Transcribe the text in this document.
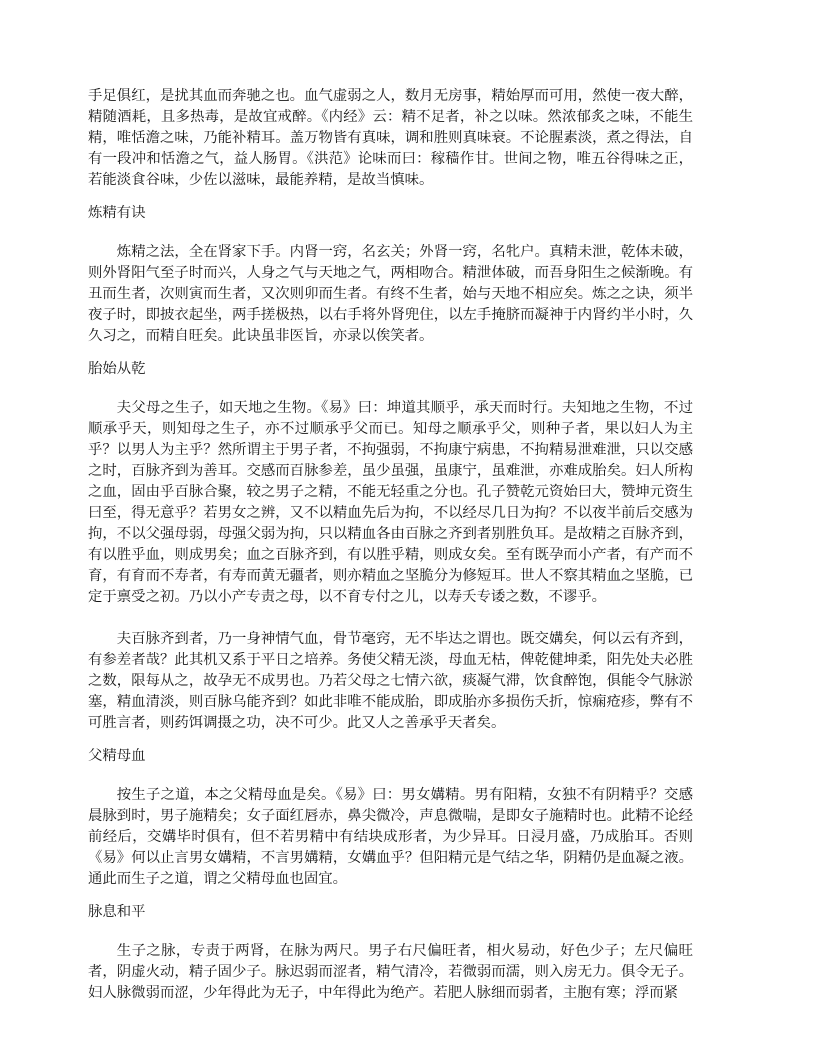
手足俱红，是扰其血而奔驰之也。血气虚弱之人，数月无房事，精始厚而可用，然使一夜大醉，精随酒耗，且多热毒，是故宜戒醉。《内经》云：精不足者，补之以味。然浓郁炙之味，不能生精，唯恬澹之味，乃能补精耳。盖万物皆有真味，调和胜则真味衰。不论腥素淡，煮之得法，自有一段冲和恬澹之气，益人肠胃。《洪范》论味而曰：稼穑作甘。世间之物，唯五谷得味之正，若能淡食谷味，少佐以滋味，最能养精，是故当慎味。

炼精有诀

炼精之法，全在肾家下手。内肾一窍，名玄关；外肾一窍，名牝户。真精未泄，乾体未破，则外肾阳气至子时而兴，人身之气与天地之气，两相吻合。精泄体破，而吾身阳生之候渐晚。有丑而生者，次则寅而生者，又次则卯而生者。有终不生者，始与天地不相应矣。炼之之诀，须半夜子时，即披衣起坐，两手搓极热，以右手将外肾兜住，以左手掩脐而凝神于内肾约半小时，久久习之，而精自旺矣。此诀虽非医旨，亦录以俟笑者。

胎始从乾

夫父母之生子，如天地之生物。《易》曰：坤道其顺乎，承天而时行。夫知地之生物，不过顺承乎天，则知母之生子，亦不过顺承乎父而已。知母之顺承乎父，则种子者，果以妇人为主乎？以男人为主乎？然所谓主于男子者，不拘强弱，不拘康宁病患，不拘精易泄难泄，只以交感之时，百脉齐到为善耳。交感而百脉参差，虽少虽强，虽康宁，虽难泄，亦难成胎矣。妇人所构之血，固由乎百脉合聚，较之男子之精，不能无轻重之分也。孔子赞乾元资始曰大，赞坤元资生曰至，得无意乎？若男女之辨，又不以精血先后为拘，不以经尽几日为拘？不以夜半前后交感为拘，不以父强母弱，母强父弱为拘，只以精血各由百脉之齐到者别胜负耳。是故精之百脉齐到，有以胜乎血，则成男矣；血之百脉齐到，有以胜乎精，则成女矣。至有既孕而小产者，有产而不育，有育而不寿者，有寿而黄无疆者，则亦精血之坚脆分为修短耳。世人不察其精血之坚脆，已定于禀受之初。乃以小产专责之母，以不育专付之儿，以寿夭专诿之数，不谬乎。

夫百脉齐到者，乃一身神情气血，骨节毫窍，无不毕达之谓也。既交媾矣，何以云有齐到，有参差者哉？此其机又系于平日之培养。务使父精无淡，母血无枯，俾乾健坤柔，阳先处夫必胜之数，限每从之，故孕无不成男也。乃若父母之七情六欲，痰凝气滞，饮食醉饱，俱能令气脉淤塞，精血清淡，则百脉乌能齐到？如此非唯不能成胎，即成胎亦多损伤夭折，惊痫疮疹，弊有不可胜言者，则药饵调摄之功，决不可少。此又人之善承乎天者矣。

父精母血

按生子之道，本之父精母血是矣。《易》曰：男女媾精。男有阳精，女独不有阴精乎？交感晨脉到时，男子施精矣；女子面红唇赤，鼻尖微冷，声息微喘，是即女子施精时也。此精不论经前经后，交媾毕时俱有，但不若男精中有结块成形者，为少异耳。日浸月盛，乃成胎耳。否则《易》何以止言男女媾精，不言男媾精，女媾血乎？但阳精元是气结之华，阴精仍是血凝之液。通此而生子之道，谓之父精母血也固宜。

脉息和平

生子之脉，专责于两肾，在脉为两尺。男子右尺偏旺者，相火易动，好色少子；左尺偏旺者，阴虚火动，精子固少子。脉迟弱而涩者，精气清冷，若微弱而濡，则入房无力。俱令无子。妇人脉微弱而涩，少年得此为无子，中年得此为绝产。若肥人脉细而弱者，主胞有寒；浮而紧
